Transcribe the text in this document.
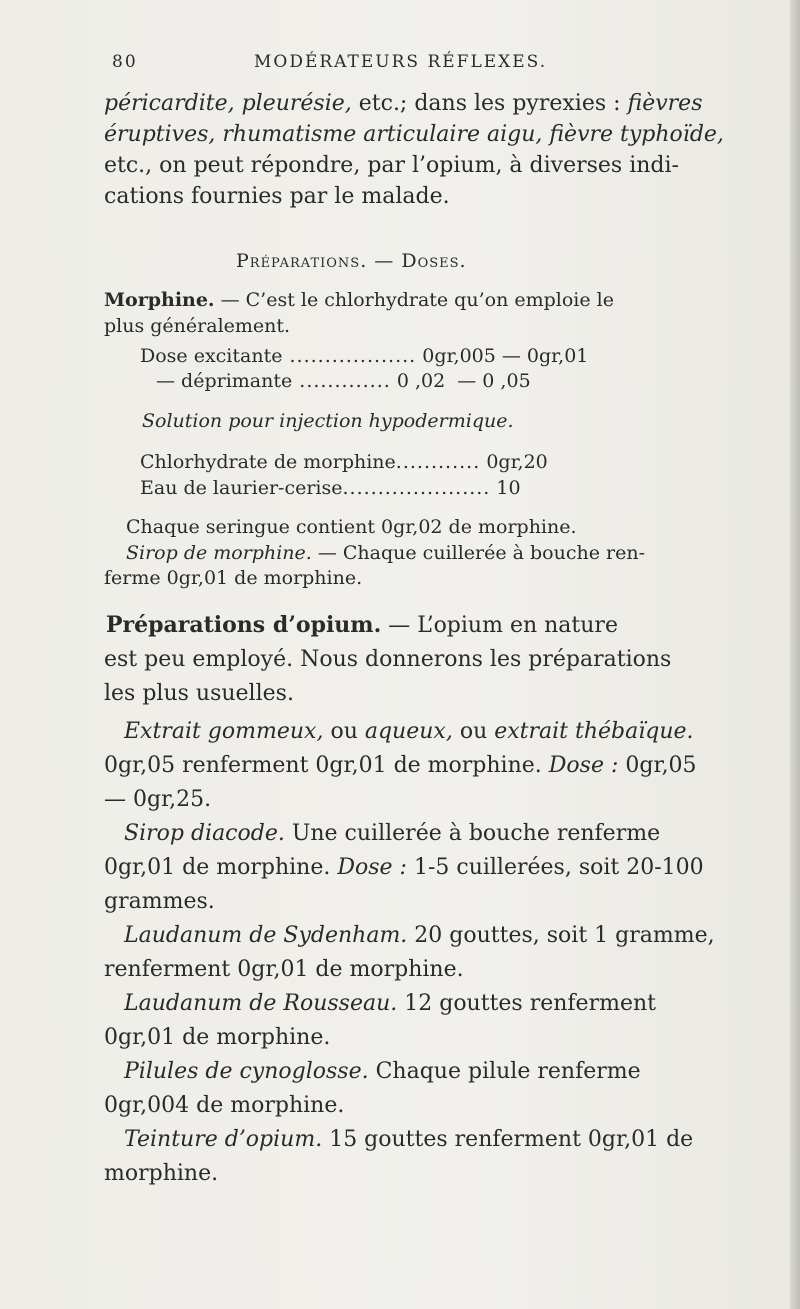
80	MODÉRATEURS RÉFLEXES.
péricardite, pleurésie, etc.; dans les pyrexies : fièvres
éruptives, rhumatisme articulaire aigu, fièvre typhoïde,
etc., on peut répondre, par l’opium, à diverses indi-
cations fournies par le malade.
Préparations. — Doses.
Morphine. — C’est le chlorhydrate qu’on emploie le
plus généralement.
Dose excitante .................. 0gr,005 — 0gr,01
— déprimante ............. 0 ,02  — 0 ,05
Solution pour injection hypodermique.
Chlorhydrate de morphine............ 0gr,20
Eau de laurier-cerise..................... 10
Chaque seringue contient 0gr,02 de morphine.
Sirop de morphine. — Chaque cuillerée à bouche ren-
ferme 0gr,01 de morphine.
Préparations d’opium. — L’opium en nature
est peu employé. Nous donnerons les préparations
les plus usuelles.
Extrait gommeux, ou aqueux, ou extrait thébaïque.
0gr,05 renferment 0gr,01 de morphine. Dose : 0gr,05
— 0gr,25.
Sirop diacode. Une cuillerée à bouche renferme
0gr,01 de morphine. Dose : 1-5 cuillerées, soit 20-100
grammes.
Laudanum de Sydenham. 20 gouttes, soit 1 gramme,
renferment 0gr,01 de morphine.
Laudanum de Rousseau. 12 gouttes renferment
0gr,01 de morphine.
Pilules de cynoglosse. Chaque pilule renferme
0gr,004 de morphine.
Teinture d’opium. 15 gouttes renferment 0gr,01 de
morphine.
